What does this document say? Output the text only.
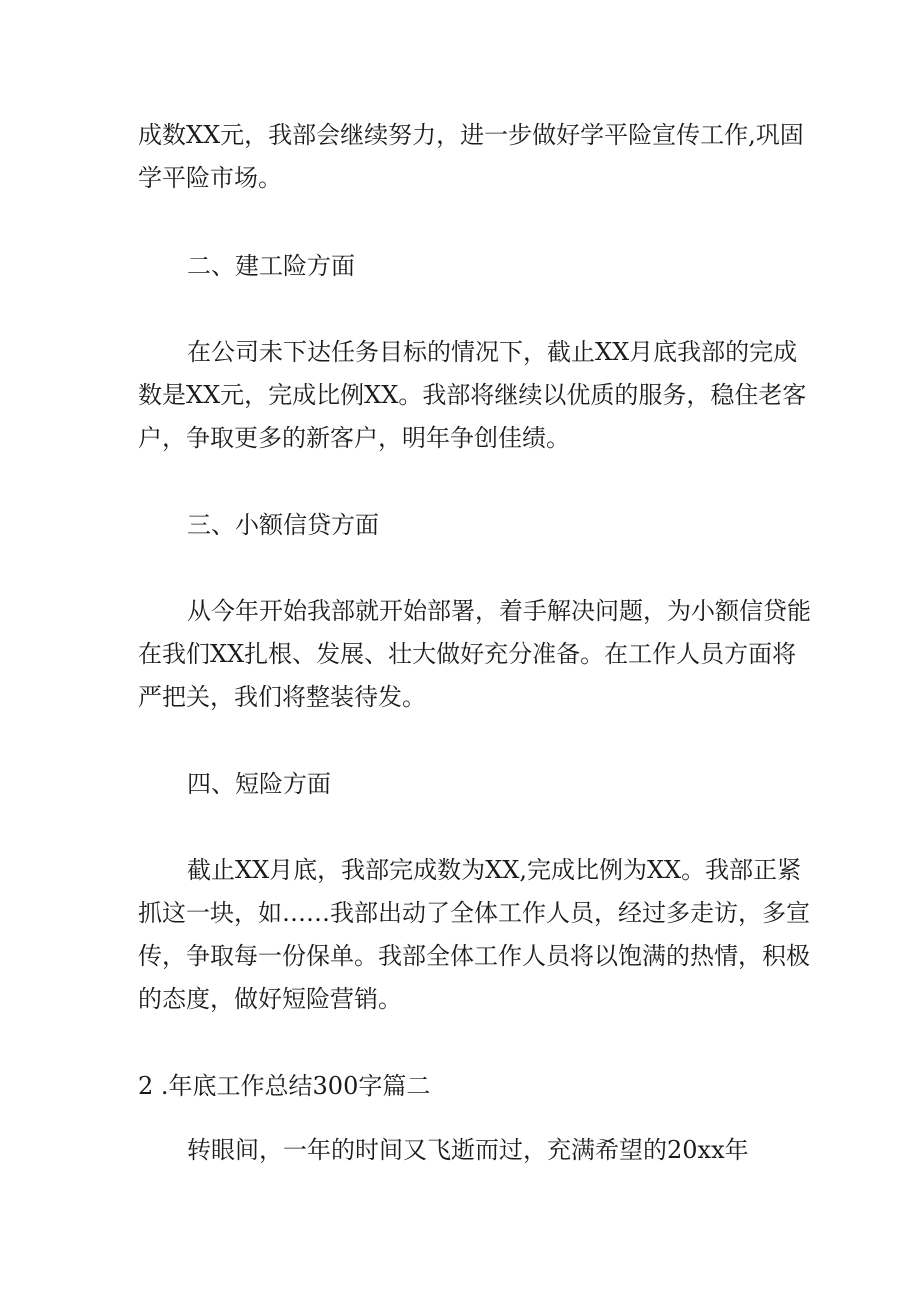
成数XX元，我部会继续努力，进一步做好学平险宣传工作,巩固

学平险市场。

二、建工险方面

在公司未下达任务目标的情况下，截止XX月底我部的完成

数是XX元，完成比例XX。我部将继续以优质的服务，稳住老客

户，争取更多的新客户，明年争创佳绩。

三、小额信贷方面

从今年开始我部就开始部署，着手解决问题，为小额信贷能

在我们XX扎根、发展、壮大做好充分准备。在工作人员方面将

严把关，我们将整装待发。

四、短险方面

截止XX月底，我部完成数为XX,完成比例为XX。我部正紧

抓这一块，如……我部出动了全体工作人员，经过多走访，多宣

传，争取每一份保单。我部全体工作人员将以饱满的热情，积极

的态度，做好短险营销。

2 .年底工作总结300字篇二

转眼间，一年的时间又飞逝而过，充满希望的20xx年
